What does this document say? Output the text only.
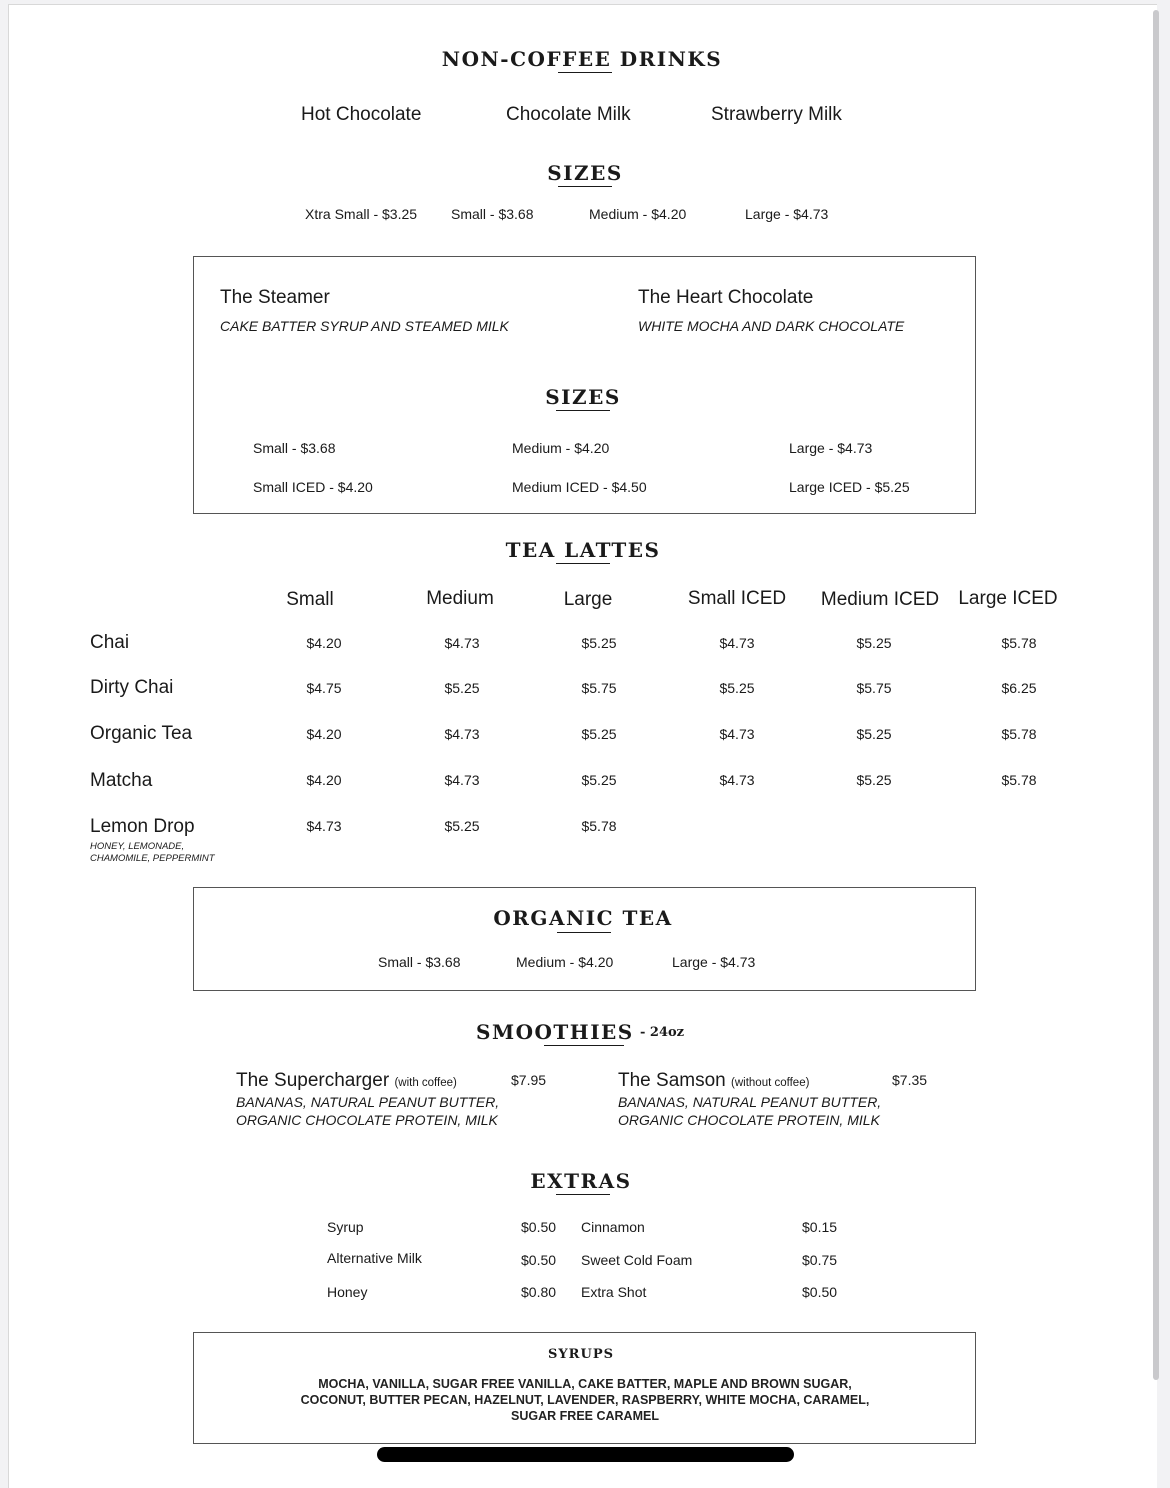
NON-COFFEE DRINKS
Hot Chocolate	Chocolate Milk	Strawberry Milk
SIZES
Xtra Small - $3.25 Small - $3.68	Medium - $4.20	Large - $4.73
The Steamer
CAKE BATTER SYRUP AND STEAMED MILK
The Heart Chocolate
WHITE MOCHA AND DARK CHOCOLATE
SIZES
Small - $3.68	Medium - $4.20	Large - $4.73
Small ICED - $4.20	Medium ICED - $4.50	Large ICED - $5.25
TEA LATTES
Small	Medium	Large	Small ICED Medium ICED Large ICED
Chai	$4.20	$4.73	$5.25	$4.73	$5.25	$5.78
Dirty Chai	$4.75	$5.25	$5.75	$5.25	$5.75	$6.25
Organic Tea	$4.20	$4.73	$5.25	$4.73	$5.25	$5.78
Matcha	$4.20	$4.73	$5.25	$4.73	$5.25	$5.78
Lemon Drop
HONEY, LEMONADE,
CHAMOMILE, PEPPERMINT
$4.73	$5.25	$5.78
ORGANIC TEA
Small - $3.68	Medium - $4.20	Large - $4.73
SMOOTHIES - 24oz
The Supercharger (with coffee)	$7.95
BANANAS, NATURAL PEANUT BUTTER,
ORGANIC CHOCOLATE PROTEIN, MILK
The Samson (without coffee)	$7.35
BANANAS, NATURAL PEANUT BUTTER,
ORGANIC CHOCOLATE PROTEIN, MILK
EXTRAS
Syrup	$0.50
Alternative Milk	$0.50
Honey	$0.80
Cinnamon	$0.15
Sweet Cold Foam	$0.75
Extra Shot	$0.50
SYRUPS
MOCHA, VANILLA, SUGAR FREE VANILLA, CAKE BATTER, MAPLE AND BROWN SUGAR,
COCONUT, BUTTER PECAN, HAZELNUT, LAVENDER, RASPBERRY, WHITE MOCHA, CARAMEL,
SUGAR FREE CARAMEL
